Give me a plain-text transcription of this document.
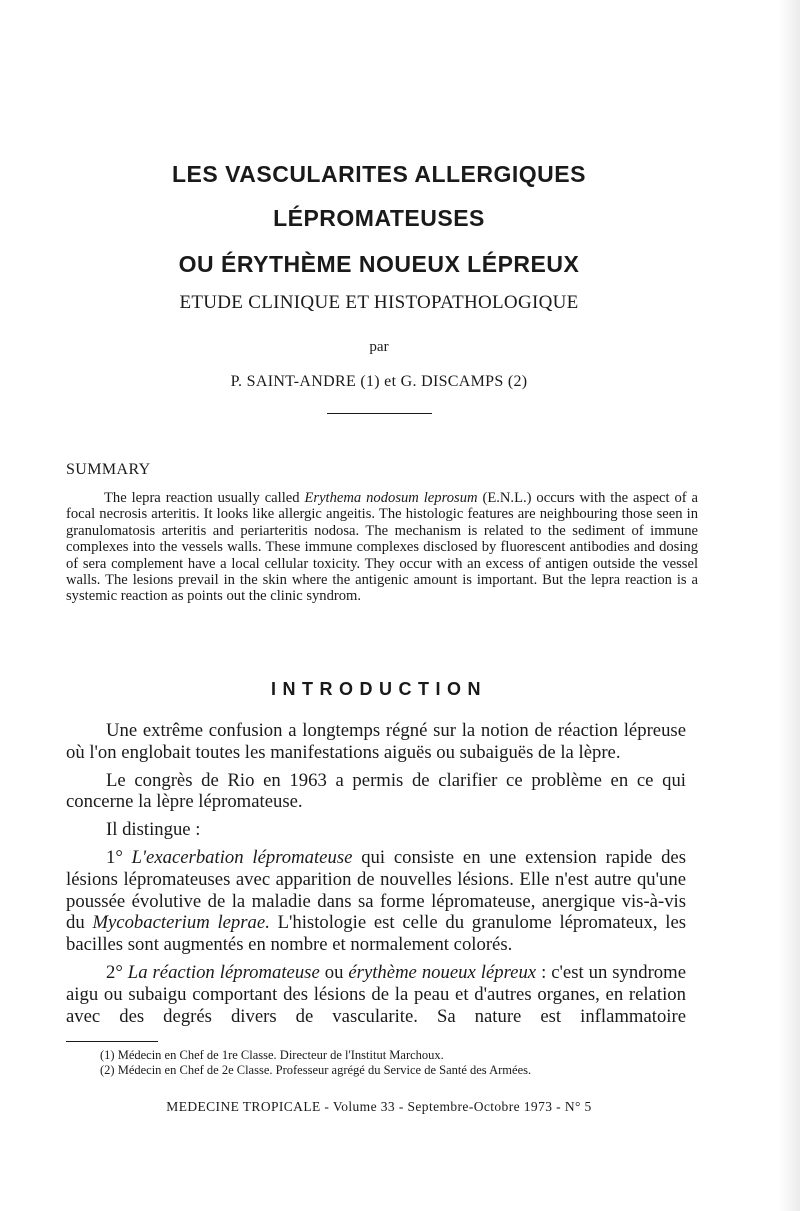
LES VASCULARITES ALLERGIQUES
LÉPROMATEUSES
OU ÉRYTHÈME NOUEUX LÉPREUX
ETUDE CLINIQUE ET HISTOPATHOLOGIQUE
par
P. SAINT-ANDRE (1) et G. DISCAMPS (2)
SUMMARY

The lepra reaction usually called Erythema nodosum leprosum (E.N.L.) occurs with the aspect of a focal necrosis arteritis. It looks like allergic angeitis. The histologic features are neighbouring those seen in granulomatosis arteritis and periarteritis nodosa. The mechanism is related to the sediment of immune complexes into the vessels walls. These immune complexes disclosed by fluorescent antibodies and dosing of sera complement have a local cellular toxicity. They occur with an excess of antigen outside the vessel walls. The lesions prevail in the skin where the antigenic amount is important. But the lepra reaction is a systemic reaction as points out the clinic syndrom.

INTRODUCTION

Une extrême confusion a longtemps régné sur la notion de réaction lépreuse où l'on englobait toutes les manifestations aiguës ou subaiguës de la lèpre.

Le congrès de Rio en 1963 a permis de clarifier ce problème en ce qui concerne la lèpre lépromateuse.

Il distingue :

1° L'exacerbation lépromateuse qui consiste en une extension rapide des lésions lépromateuses avec apparition de nouvelles lésions. Elle n'est autre qu'une poussée évolutive de la maladie dans sa forme lépromateuse, anergique vis-à-vis du Mycobacterium leprae. L'histologie est celle du granulome lépromateux, les bacilles sont augmentés en nombre et normalement colorés.

2° La réaction lépromateuse ou érythème noueux lépreux : c'est un syndrome aigu ou subaigu comportant des lésions de la peau et d'autres organes, en relation avec des degrés divers de vascularite. Sa nature est inflammatoire

(1) Médecin en Chef de 1re Classe. Directeur de l'Institut Marchoux.
(2) Médecin en Chef de 2e Classe. Professeur agrégé du Service de Santé des Armées.
MEDECINE TROPICALE - Volume 33 - Septembre-Octobre 1973 - N° 5
